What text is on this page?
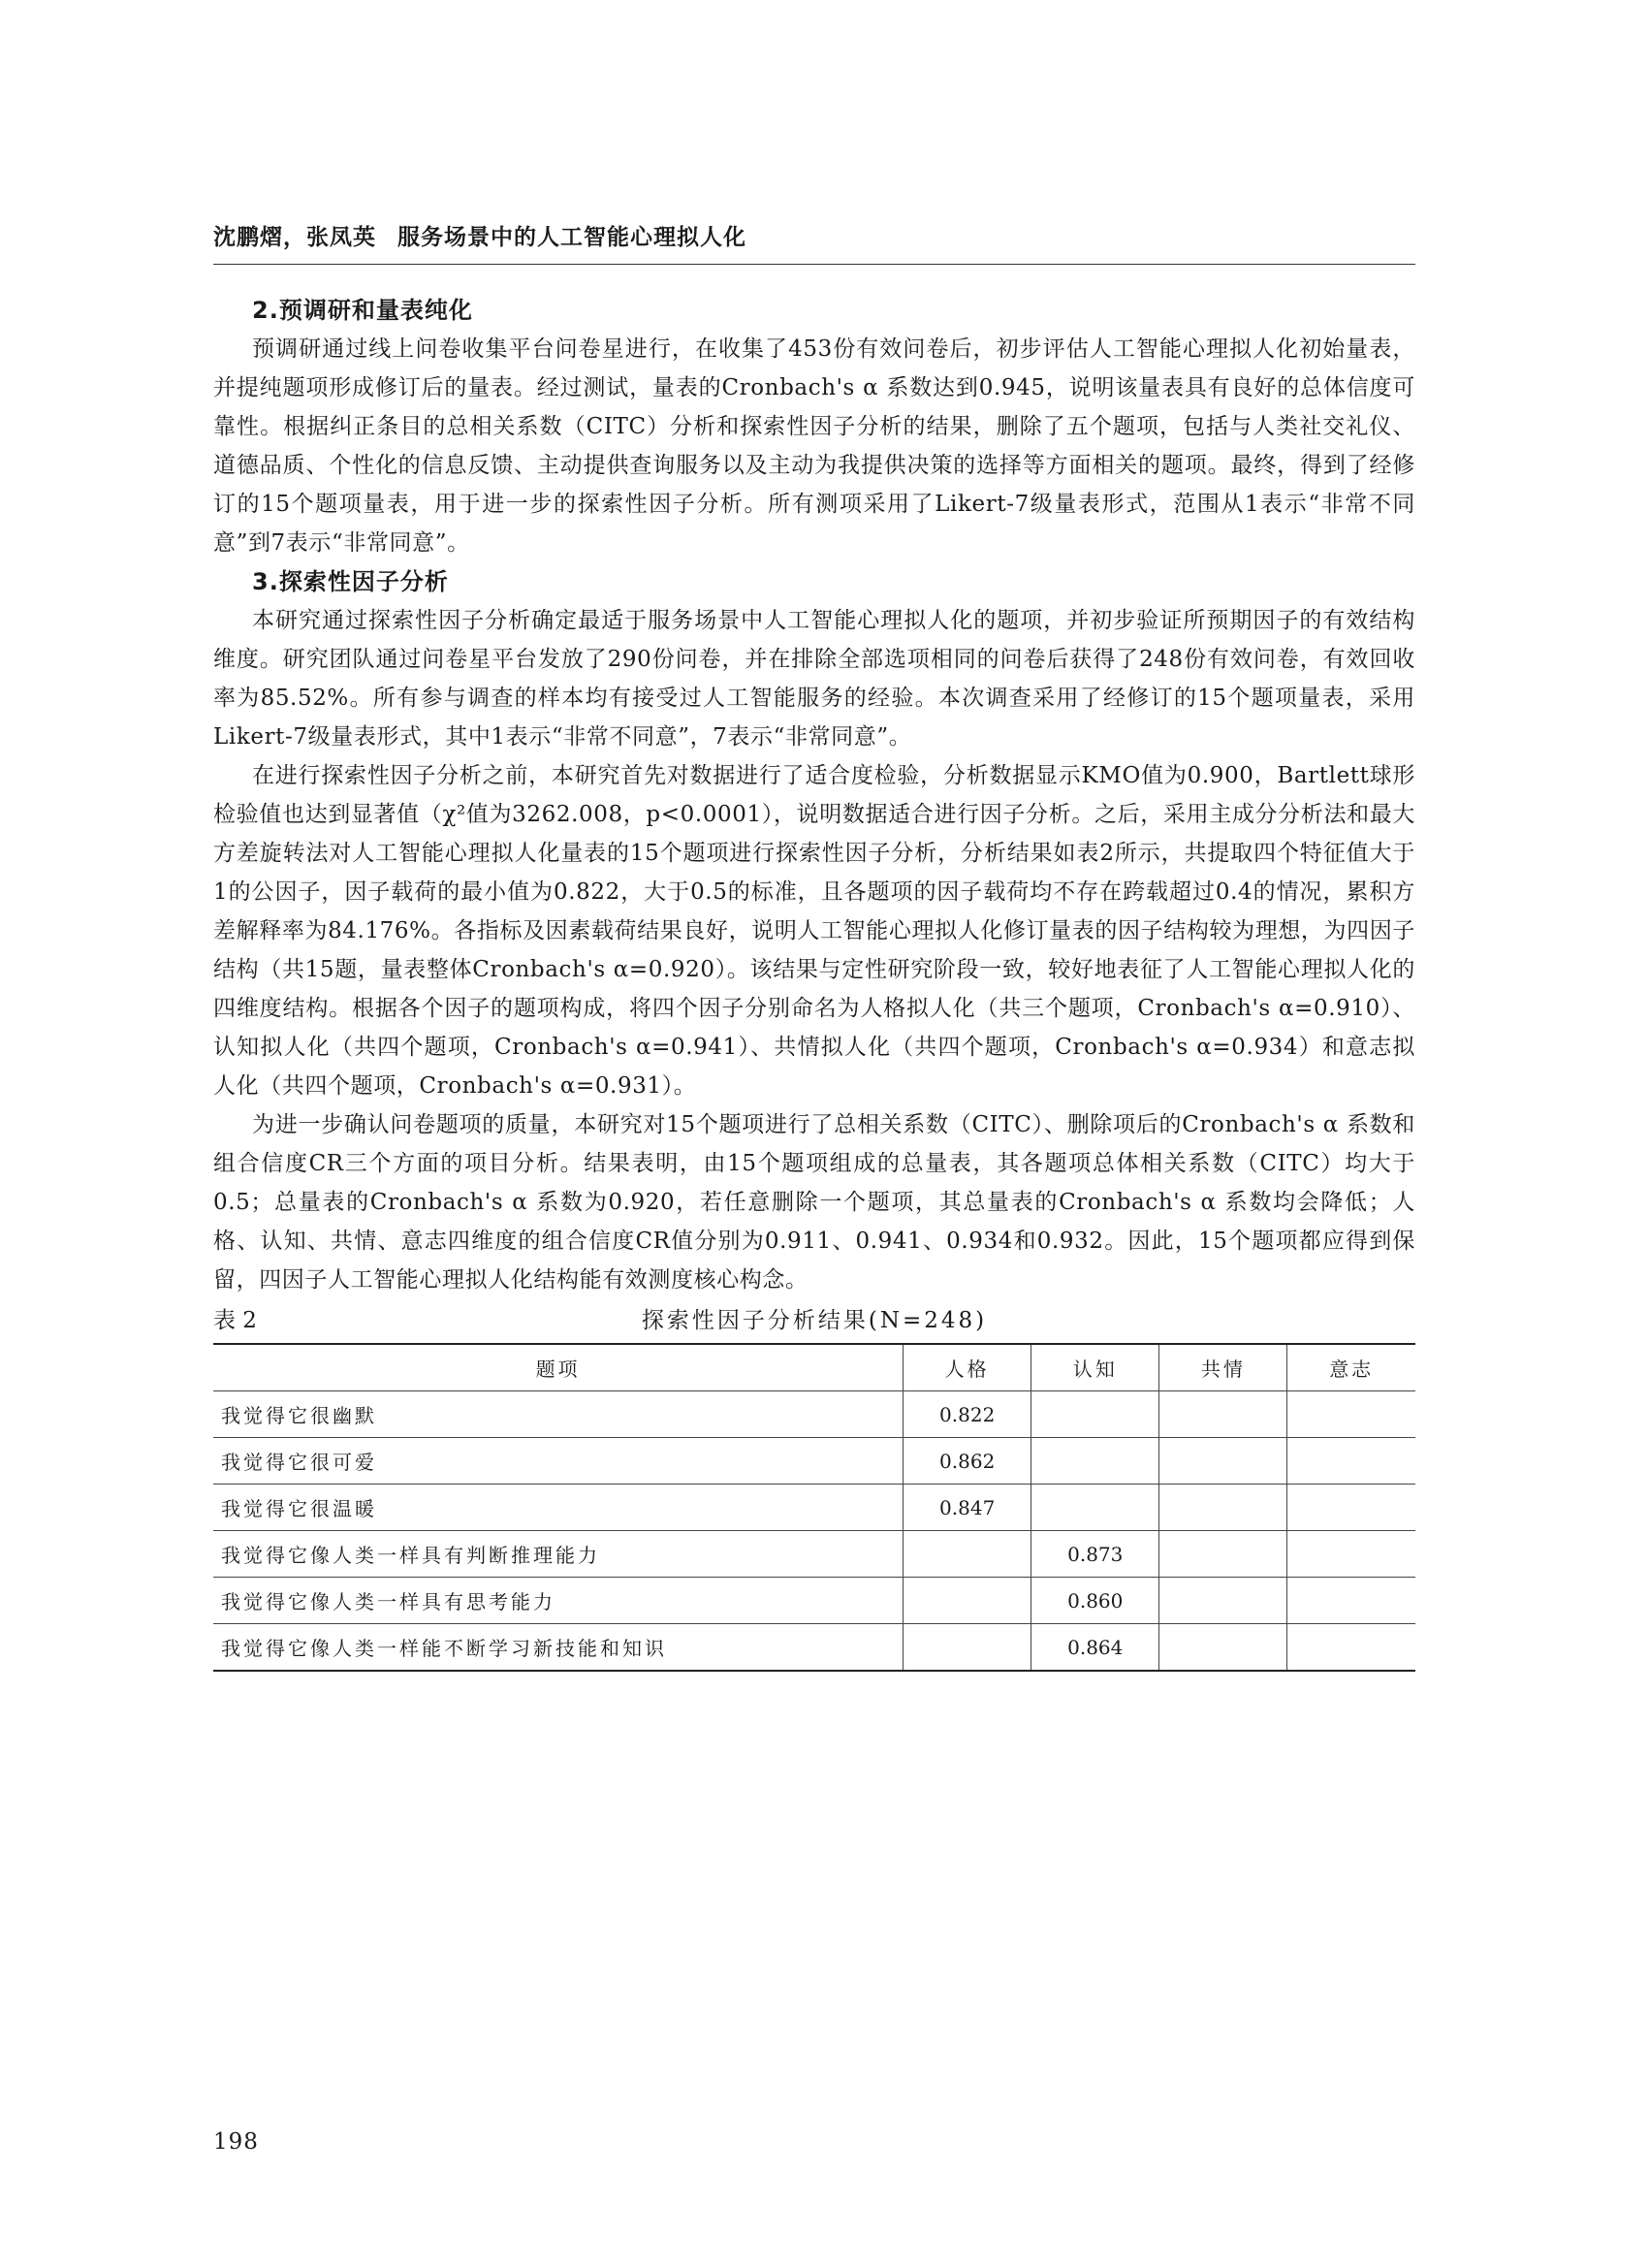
沈鹏熠，张凤英 服务场景中的人工智能心理拟人化
2.预调研和量表纯化

预调研通过线上问卷收集平台问卷星进行，在收集了453份有效问卷后，初步评估人工智能心理拟人化初始量表，并提纯题项形成修订后的量表。经过测试，量表的Cronbach's α 系数达到0.945，说明该量表具有良好的总体信度可靠性。根据纠正条目的总相关系数（CITC）分析和探索性因子分析的结果，删除了五个题项，包括与人类社交礼仪、道德品质、个性化的信息反馈、主动提供查询服务以及主动为我提供决策的选择等方面相关的题项。最终，得到了经修订的15个题项量表，用于进一步的探索性因子分析。所有测项采用了Likert-7级量表形式，范围从1表示“非常不同意”到7表示“非常同意”。

3.探索性因子分析

本研究通过探索性因子分析确定最适于服务场景中人工智能心理拟人化的题项，并初步验证所预期因子的有效结构维度。研究团队通过问卷星平台发放了290份问卷，并在排除全部选项相同的问卷后获得了248份有效问卷，有效回收率为85.52%。所有参与调查的样本均有接受过人工智能服务的经验。本次调查采用了经修订的15个题项量表，采用Likert-7级量表形式，其中1表示“非常不同意”，7表示“非常同意”。

在进行探索性因子分析之前，本研究首先对数据进行了适合度检验，分析数据显示KMO值为0.900，Bartlett球形检验值也达到显著值（χ²值为3262.008，p<0.0001），说明数据适合进行因子分析。之后，采用主成分分析法和最大方差旋转法对人工智能心理拟人化量表的15个题项进行探索性因子分析，分析结果如表2所示，共提取四个特征值大于1的公因子，因子载荷的最小值为0.822，大于0.5的标准，且各题项的因子载荷均不存在跨载超过0.4的情况，累积方差解释率为84.176%。各指标及因素载荷结果良好，说明人工智能心理拟人化修订量表的因子结构较为理想，为四因子结构（共15题，量表整体Cronbach's α=0.920）。该结果与定性研究阶段一致，较好地表征了人工智能心理拟人化的四维度结构。根据各个因子的题项构成，将四个因子分别命名为人格拟人化（共三个题项，Cronbach's α=0.910）、认知拟人化（共四个题项，Cronbach's α=0.941）、共情拟人化（共四个题项，Cronbach's α=0.934）和意志拟人化（共四个题项，Cronbach's α=0.931）。

为进一步确认问卷题项的质量，本研究对15个题项进行了总相关系数（CITC）、删除项后的Cronbach's α 系数和组合信度CR三个方面的项目分析。结果表明，由15个题项组成的总量表，其各题项总体相关系数（CITC）均大于0.5；总量表的Cronbach's α 系数为0.920，若任意删除一个题项，其总量表的Cronbach's α 系数均会降低；人格、认知、共情、意志四维度的组合信度CR值分别为0.911、0.941、0.934和0.932。因此，15个题项都应得到保留，四因子人工智能心理拟人化结构能有效测度核心构念。

表 2	探索性因子分析结果(N=248)
题项	人格	认知	共情	意志
我觉得它很幽默	0.822			
我觉得它很可爱	0.862			
我觉得它很温暖	0.847			
我觉得它像人类一样具有判断推理能力		0.873		
我觉得它像人类一样具有思考能力		0.860		
我觉得它像人类一样能不断学习新技能和知识		0.864		
198
